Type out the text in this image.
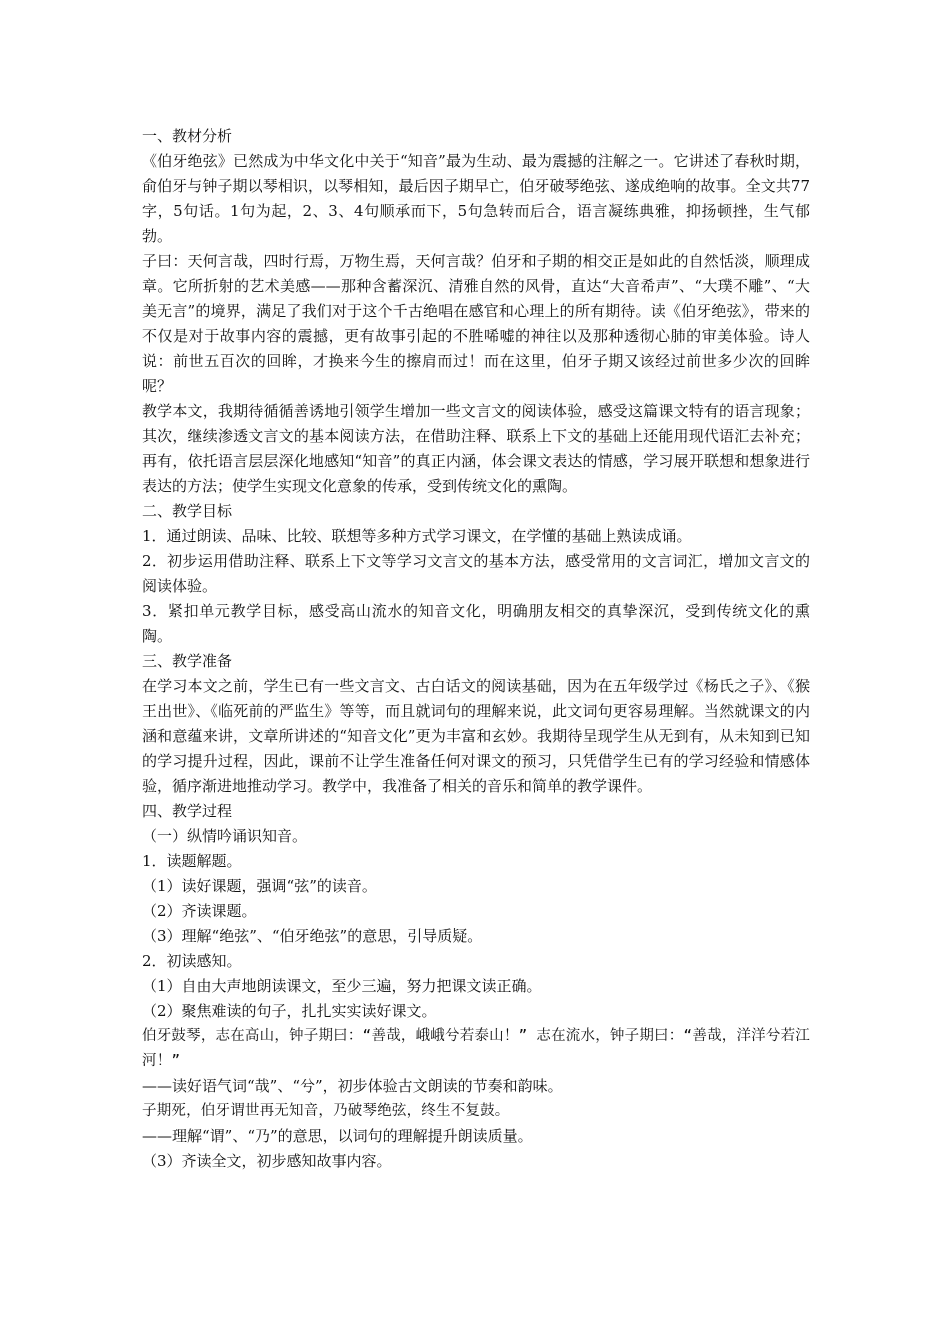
一、教材分析

《伯牙绝弦》已然成为中华文化中关于“知音”最为生动、最为震撼的注解之一。它讲述了春秋时期，俞伯牙与钟子期以琴相识，以琴相知，最后因子期早亡，伯牙破琴绝弦、遂成绝响的故事。全文共77字，5句话。1句为起，2、3、4句顺承而下，5句急转而后合，语言凝练典雅，抑扬顿挫，生气郁勃。

子曰：天何言哉，四时行焉，万物生焉，天何言哉？伯牙和子期的相交正是如此的自然恬淡，顺理成章。它所折射的艺术美感——那种含蓄深沉、清雅自然的风骨，直达“大音希声”、“大璞不雕”、“大美无言”的境界，满足了我们对于这个千古绝唱在感官和心理上的所有期待。读《伯牙绝弦》，带来的不仅是对于故事内容的震撼，更有故事引起的不胜唏嘘的神往以及那种透彻心肺的审美体验。诗人说：前世五百次的回眸，才换来今生的擦肩而过！而在这里，伯牙子期又该经过前世多少次的回眸呢？

教学本文，我期待循循善诱地引领学生增加一些文言文的阅读体验，感受这篇课文特有的语言现象；其次，继续渗透文言文的基本阅读方法，在借助注释、联系上下文的基础上还能用现代语汇去补充；再有，依托语言层层深化地感知“知音”的真正内涵，体会课文表达的情感，学习展开联想和想象进行表达的方法；使学生实现文化意象的传承，受到传统文化的熏陶。

二、教学目标

1．通过朗读、品味、比较、联想等多种方式学习课文，在学懂的基础上熟读成诵。

2．初步运用借助注释、联系上下文等学习文言文的基本方法，感受常用的文言词汇，增加文言文的阅读体验。

3．紧扣单元教学目标，感受高山流水的知音文化，明确朋友相交的真挚深沉，受到传统文化的熏陶。

三、教学准备

在学习本文之前，学生已有一些文言文、古白话文的阅读基础，因为在五年级学过《杨氏之子》、《猴王出世》、《临死前的严监生》等等，而且就词句的理解来说，此文词句更容易理解。当然就课文的内涵和意蕴来讲，文章所讲述的“知音文化”更为丰富和玄妙。我期待呈现学生从无到有，从未知到已知的学习提升过程，因此，课前不让学生准备任何对课文的预习，只凭借学生已有的学习经验和情感体验，循序渐进地推动学习。教学中，我准备了相关的音乐和简单的教学课件。

四、教学过程

（一）纵情吟诵识知音。

1．读题解题。

（1）读好课题，强调“弦”的读音。

（2）齐读课题。

（3）理解“绝弦”、“伯牙绝弦”的意思，引导质疑。

2．初读感知。

（1）自由大声地朗读课文，至少三遍，努力把课文读正确。

（2）聚焦难读的句子，扎扎实实读好课文。

伯牙鼓琴，志在高山，钟子期曰：“善哉，峨峨兮若泰山！” 志在流水，钟子期曰：“善哉，洋洋兮若江河！”

——读好语气词“哉”、“兮”，初步体验古文朗读的节奏和韵味。

子期死，伯牙谓世再无知音，乃破琴绝弦，终生不复鼓。

——理解“谓”、“乃”的意思，以词句的理解提升朗读质量。

（3）齐读全文，初步感知故事内容。
